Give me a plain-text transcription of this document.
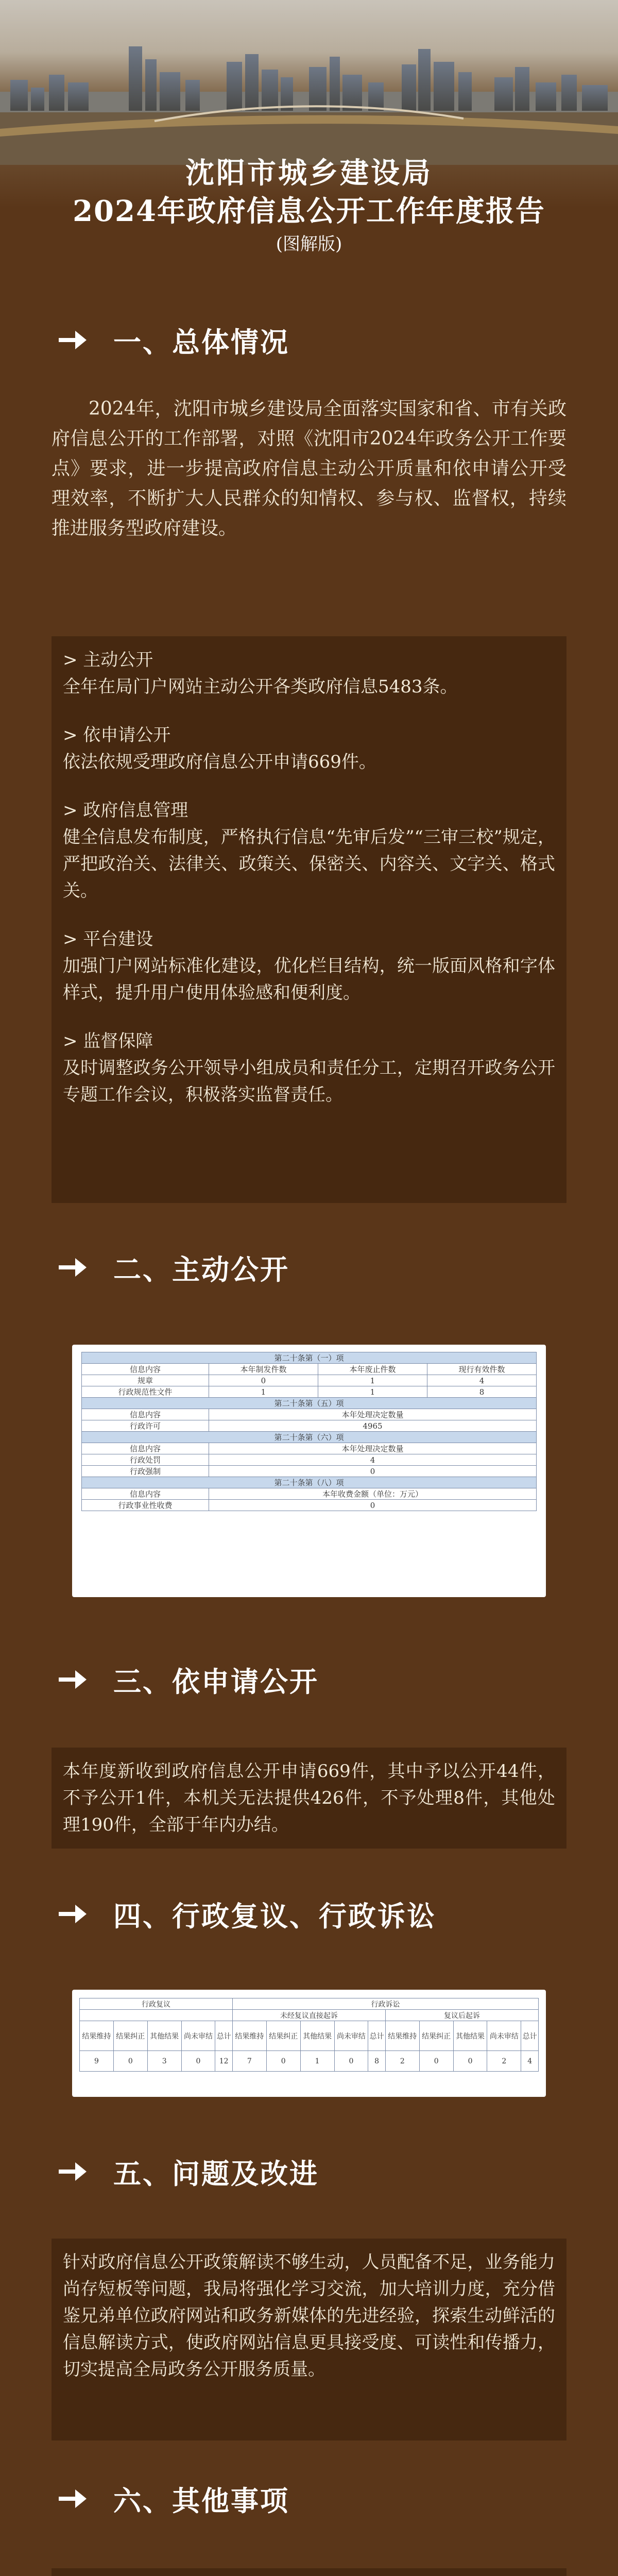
沈阳市城乡建设局
2024年政府信息公开工作年度报告
(图解版)
一、总体情况
2024年，沈阳市城乡建设局全面落实国家和省、市有关政府信息公开的工作部署，对照《沈阳市2024年政务公开工作要点》要求，进一步提高政府信息主动公开质量和依申请公开受理效率，不断扩大人民群众的知情权、参与权、监督权，持续推进服务型政府建设。
> 主动公开

全年在局门户网站主动公开各类政府信息5483条。

> 依申请公开

依法依规受理政府信息公开申请669件。

> 政府信息管理

健全信息发布制度，严格执行信息“先审后发”“三审三校”规定，严把政治关、法律关、政策关、保密关、内容关、文字关、格式关。

> 平台建设

加强门户网站标准化建设，优化栏目结构，统一版面风格和字体样式，提升用户使用体验感和便利度。

> 监督保障

及时调整政务公开领导小组成员和责任分工，定期召开政务公开专题工作会议，积极落实监督责任。

二、主动公开
第二十条第（一）项			
信息内容	本年制发件数	本年废止件数	现行有效件数
规章	0	1	4
行政规范性文件	1	1	8
第二十条第（五）项			
信息内容	本年处理决定数量		
行政许可	4965		
第二十条第（六）项			
信息内容	本年处理决定数量		
行政处罚	4		
行政强制	0		
第二十条第（八）项			
信息内容	本年收费金额（单位：万元）		
行政事业性收费	0		
三、依申请公开

本年度新收到政府信息公开申请669件，其中予以公开44件，不予公开1件，本机关无法提供426件，不予处理8件，其他处理190件，全部于年内办结。

四、行政复议、行政诉讼
行政复议					行政诉讼									
					未经复议直接起诉					复议后起诉				
结果维持	结果纠正	其他结果	尚未审结	总计	结果维持	结果纠正	其他结果	尚未审结	总计	结果维持	结果纠正	其他结果	尚未审结	总计
9	0	3	0	12	7	0	1	0	8	2	0	0	2	4
五、问题及改进

针对政府信息公开政策解读不够生动，人员配备不足，业务能力尚存短板等问题，我局将强化学习交流，加大培训力度，充分借鉴兄弟单位政府网站和政务新媒体的先进经验，探索生动鲜活的信息解读方式，使政府网站信息更具接受度、可读性和传播力，切实提高全局政务公开服务质量。

六、其他事项
